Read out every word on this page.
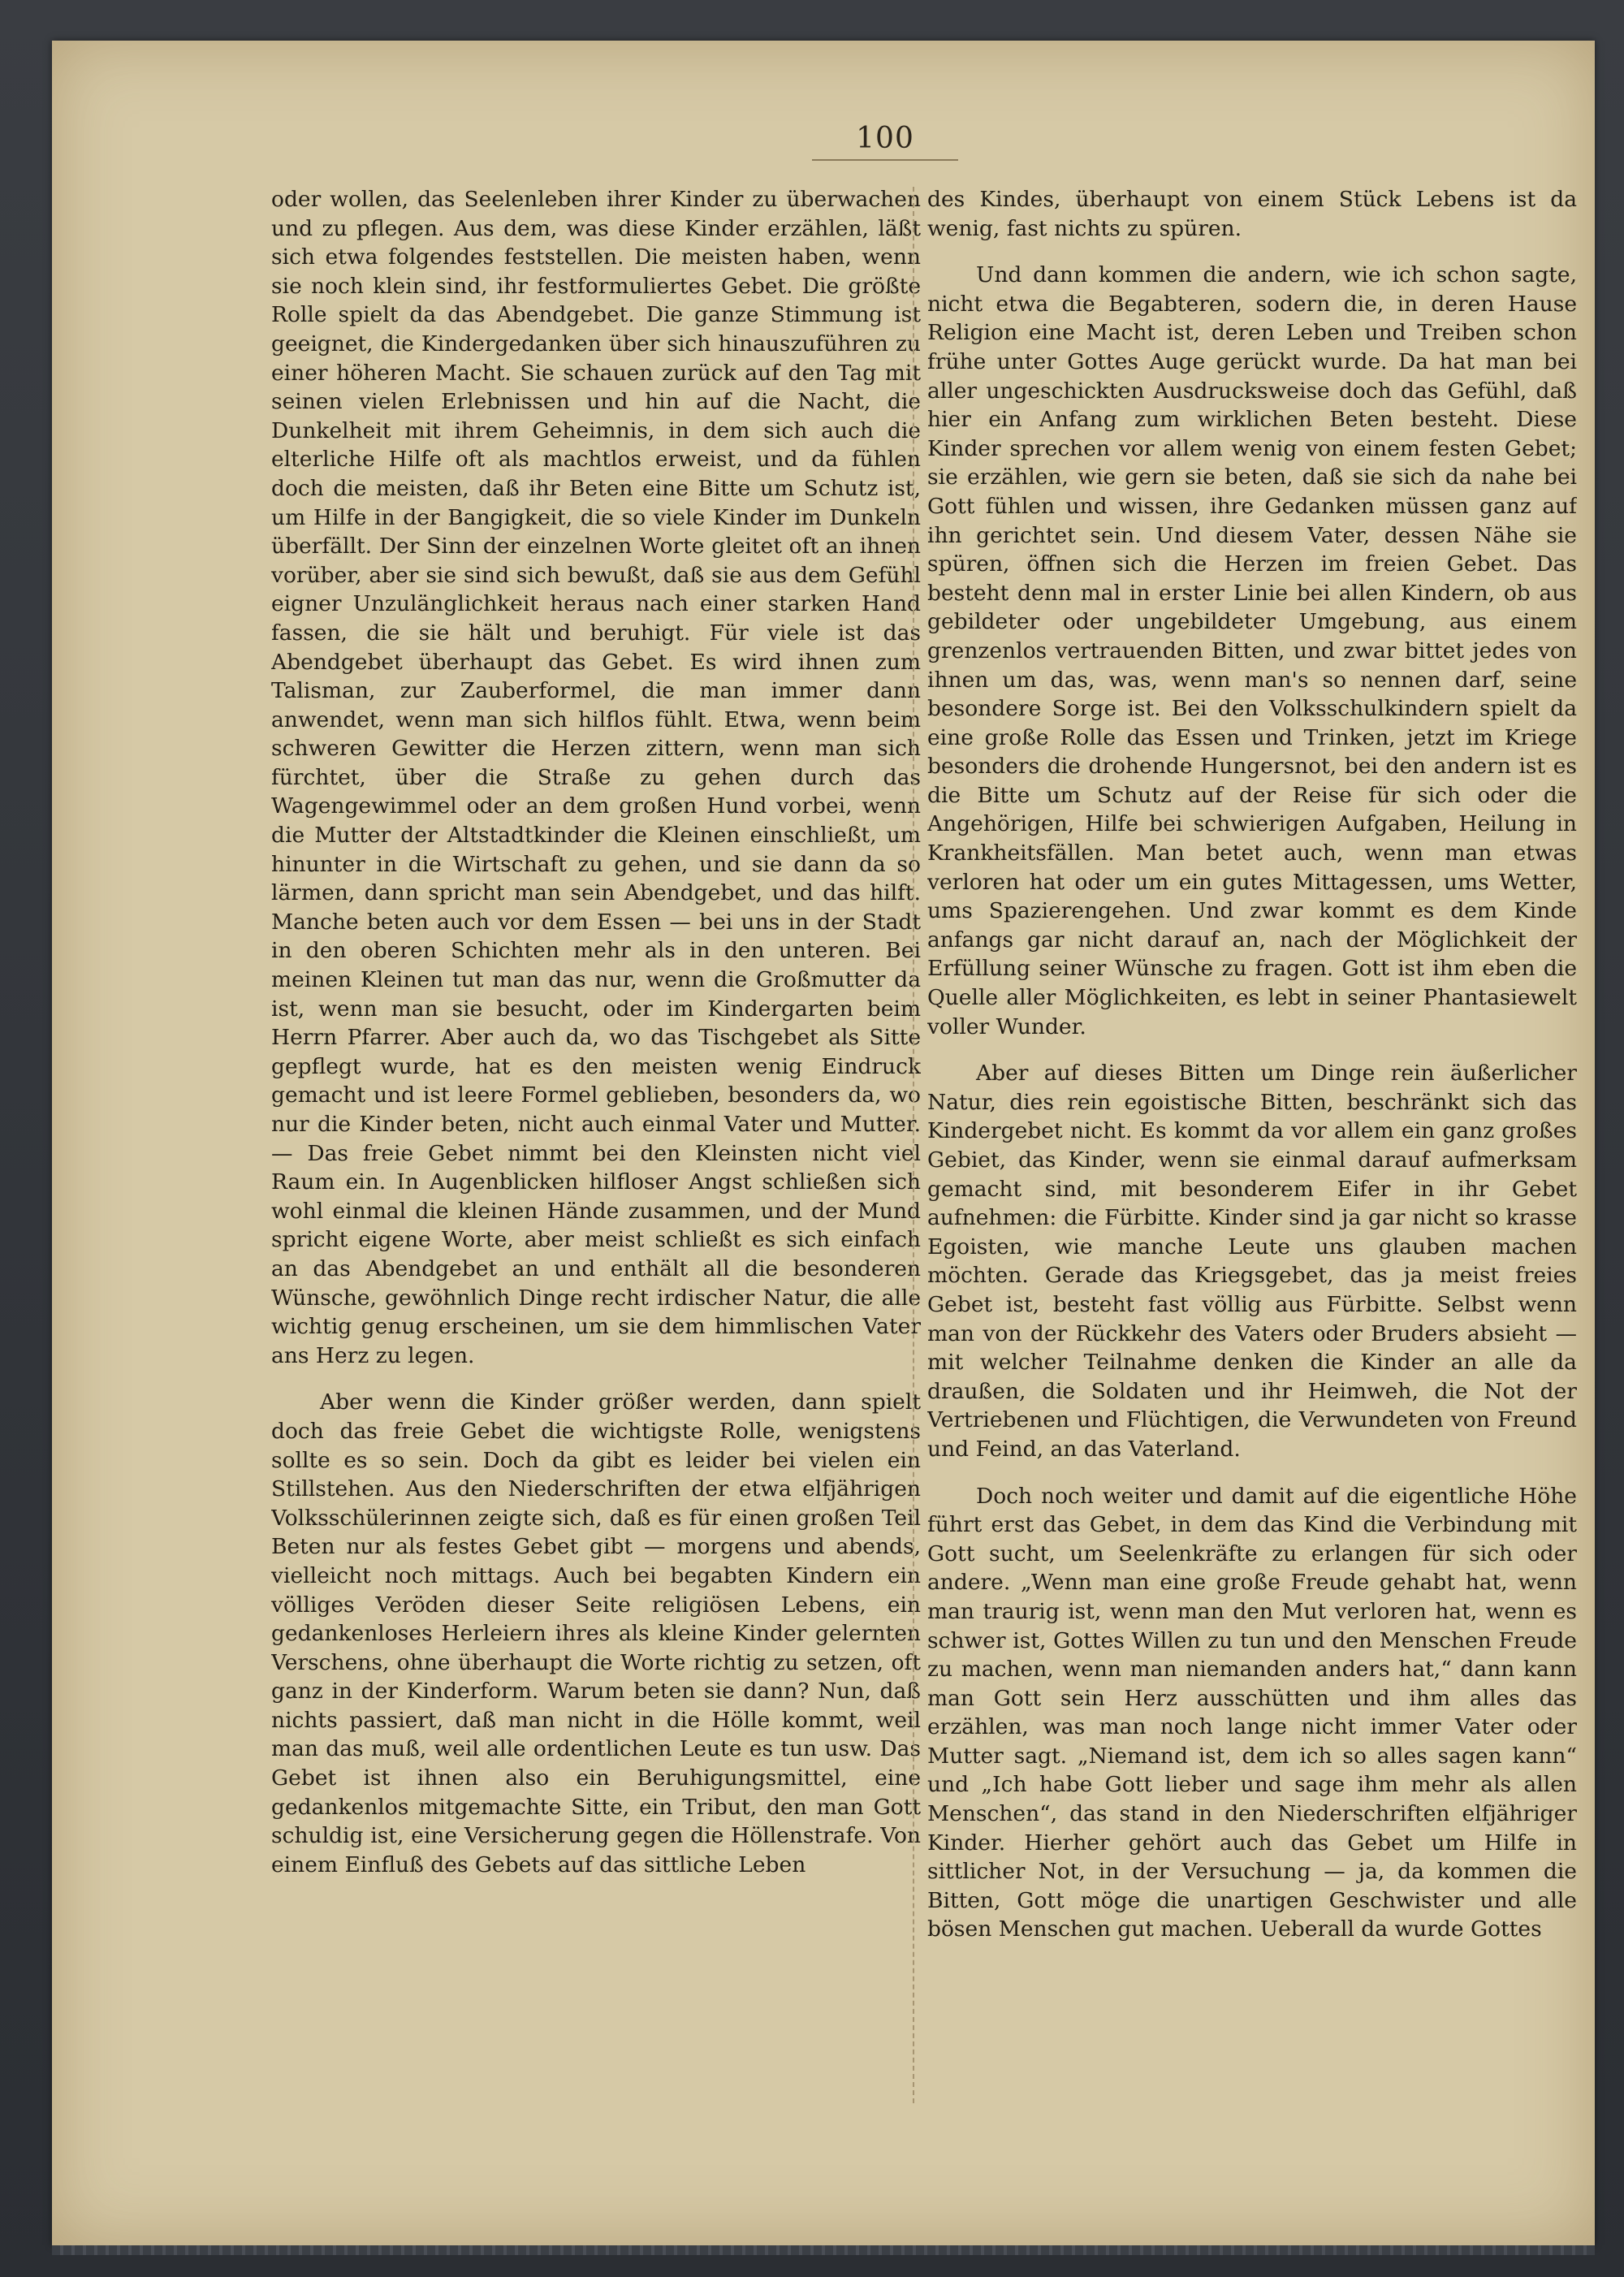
100

oder wollen, das Seelenleben ihrer Kinder zu überwachen und zu pflegen. Aus dem, was diese Kinder erzählen, läßt sich etwa folgendes feststellen. Die meisten haben, wenn sie noch klein sind, ihr festformuliertes Gebet. Die größte Rolle spielt da das Abendgebet. Die ganze Stimmung ist geeignet, die Kindergedanken über sich hinauszuführen zu einer höheren Macht. Sie schauen zurück auf den Tag mit seinen vielen Erlebnissen und hin auf die Nacht, die Dunkelheit mit ihrem Geheimnis, in dem sich auch die elterliche Hilfe oft als machtlos erweist, und da fühlen doch die meisten, daß ihr Beten eine Bitte um Schutz ist, um Hilfe in der Bangigkeit, die so viele Kinder im Dunkeln überfällt. Der Sinn der einzelnen Worte gleitet oft an ihnen vorüber, aber sie sind sich bewußt, daß sie aus dem Gefühl eigner Unzulänglichkeit heraus nach einer starken Hand fassen, die sie hält und beruhigt. Für viele ist das Abendgebet überhaupt das Gebet. Es wird ihnen zum Talisman, zur Zauberformel, die man immer dann anwendet, wenn man sich hilflos fühlt. Etwa, wenn beim schweren Gewitter die Herzen zittern, wenn man sich fürchtet, über die Straße zu gehen durch das Wagengewimmel oder an dem großen Hund vorbei, wenn die Mutter der Altstadtkinder die Kleinen einschließt, um hinunter in die Wirtschaft zu gehen, und sie dann da so lärmen, dann spricht man sein Abendgebet, und das hilft. Manche beten auch vor dem Essen — bei uns in der Stadt in den oberen Schichten mehr als in den unteren. Bei meinen Kleinen tut man das nur, wenn die Großmutter da ist, wenn man sie besucht, oder im Kindergarten beim Herrn Pfarrer. Aber auch da, wo das Tischgebet als Sitte gepflegt wurde, hat es den meisten wenig Eindruck gemacht und ist leere Formel geblieben, besonders da, wo nur die Kinder beten, nicht auch einmal Vater und Mutter. — Das freie Gebet nimmt bei den Kleinsten nicht viel Raum ein. In Augenblicken hilfloser Angst schließen sich wohl einmal die kleinen Hände zusammen, und der Mund spricht eigene Worte, aber meist schließt es sich einfach an das Abendgebet an und enthält all die besonderen Wünsche, gewöhnlich Dinge recht irdischer Natur, die alle wichtig genug erscheinen, um sie dem himmlischen Vater ans Herz zu legen.

Aber wenn die Kinder größer werden, dann spielt doch das freie Gebet die wichtigste Rolle, wenigstens sollte es so sein. Doch da gibt es leider bei vielen ein Stillstehen. Aus den Niederschriften der etwa elfjährigen Volksschülerinnen zeigte sich, daß es für einen großen Teil Beten nur als festes Gebet gibt — morgens und abends, vielleicht noch mittags. Auch bei begabten Kindern ein völliges Veröden dieser Seite religiösen Lebens, ein gedankenloses Herleiern ihres als kleine Kinder gelernten Verschens, ohne überhaupt die Worte richtig zu setzen, oft ganz in der Kinderform. Warum beten sie dann? Nun, daß nichts passiert, daß man nicht in die Hölle kommt, weil man das muß, weil alle ordentlichen Leute es tun usw. Das Gebet ist ihnen also ein Beruhigungsmittel, eine gedankenlos mitgemachte Sitte, ein Tribut, den man Gott schuldig ist, eine Versicherung gegen die Höllenstrafe. Von einem Einfluß des Gebets auf das sittliche Leben

des Kindes, überhaupt von einem Stück Lebens ist da wenig, fast nichts zu spüren.

Und dann kommen die andern, wie ich schon sagte, nicht etwa die Begabteren, sodern die, in deren Hause Religion eine Macht ist, deren Leben und Treiben schon frühe unter Gottes Auge gerückt wurde. Da hat man bei aller ungeschickten Ausdrucksweise doch das Gefühl, daß hier ein Anfang zum wirklichen Beten besteht. Diese Kinder sprechen vor allem wenig von einem festen Gebet; sie erzählen, wie gern sie beten, daß sie sich da nahe bei Gott fühlen und wissen, ihre Gedanken müssen ganz auf ihn gerichtet sein. Und diesem Vater, dessen Nähe sie spüren, öffnen sich die Herzen im freien Gebet. Das besteht denn mal in erster Linie bei allen Kindern, ob aus gebildeter oder ungebildeter Umgebung, aus einem grenzenlos vertrauenden Bitten, und zwar bittet jedes von ihnen um das, was, wenn man's so nennen darf, seine besondere Sorge ist. Bei den Volksschulkindern spielt da eine große Rolle das Essen und Trinken, jetzt im Kriege besonders die drohende Hungersnot, bei den andern ist es die Bitte um Schutz auf der Reise für sich oder die Angehörigen, Hilfe bei schwierigen Aufgaben, Heilung in Krankheitsfällen. Man betet auch, wenn man etwas verloren hat oder um ein gutes Mittagessen, ums Wetter, ums Spazierengehen. Und zwar kommt es dem Kinde anfangs gar nicht darauf an, nach der Möglichkeit der Erfüllung seiner Wünsche zu fragen. Gott ist ihm eben die Quelle aller Möglichkeiten, es lebt in seiner Phantasiewelt voller Wunder.

Aber auf dieses Bitten um Dinge rein äußerlicher Natur, dies rein egoistische Bitten, beschränkt sich das Kindergebet nicht. Es kommt da vor allem ein ganz großes Gebiet, das Kinder, wenn sie einmal darauf aufmerksam gemacht sind, mit besonderem Eifer in ihr Gebet aufnehmen: die Fürbitte. Kinder sind ja gar nicht so krasse Egoisten, wie manche Leute uns glauben machen möchten. Gerade das Kriegsgebet, das ja meist freies Gebet ist, besteht fast völlig aus Fürbitte. Selbst wenn man von der Rückkehr des Vaters oder Bruders absieht — mit welcher Teilnahme denken die Kinder an alle da draußen, die Soldaten und ihr Heimweh, die Not der Vertriebenen und Flüchtigen, die Verwundeten von Freund und Feind, an das Vaterland.

Doch noch weiter und damit auf die eigentliche Höhe führt erst das Gebet, in dem das Kind die Verbindung mit Gott sucht, um Seelenkräfte zu erlangen für sich oder andere. „Wenn man eine große Freude gehabt hat, wenn man traurig ist, wenn man den Mut verloren hat, wenn es schwer ist, Gottes Willen zu tun und den Menschen Freude zu machen, wenn man niemanden anders hat,“ dann kann man Gott sein Herz ausschütten und ihm alles das erzählen, was man noch lange nicht immer Vater oder Mutter sagt. „Niemand ist, dem ich so alles sagen kann“ und „Ich habe Gott lieber und sage ihm mehr als allen Menschen“, das stand in den Niederschriften elfjähriger Kinder. Hierher gehört auch das Gebet um Hilfe in sittlicher Not, in der Versuchung — ja, da kommen die Bitten, Gott möge die unartigen Geschwister und alle bösen Menschen gut machen. Ueberall da wurde Gottes
